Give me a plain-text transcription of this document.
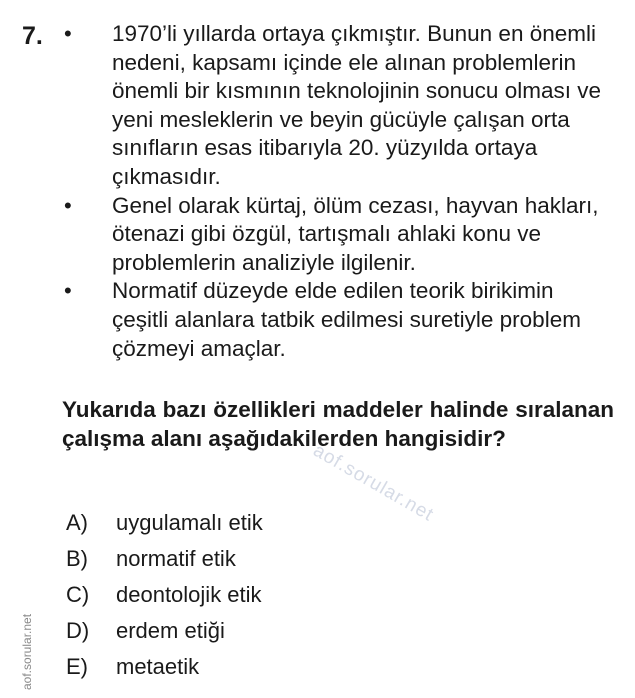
7. •	1970’li yıllarda ortaya çıkmıştır. Bunun en önemli nedeni, kapsamı içinde ele alınan problemlerin önemli bir kısmının teknolojinin sonucu olması ve yeni mesleklerin ve beyin gücüyle çalışan orta sınıfların esas itibarıyla 20. yüzyılda ortaya çıkmasıdır.
•	Genel olarak kürtaj, ölüm cezası, hayvan hakları, ötenazi gibi özgül, tartışmalı ahlaki konu ve problemlerin analiziyle ilgilenir.
•	Normatif düzeyde elde edilen teorik birikimin çeşitli alanlara tatbik edilmesi suretiyle problem çözmeyi amaçlar.
Yukarıda bazı özellikleri maddeler halinde sıralanan çalışma alanı aşağıdakilerden hangisidir?
aof.sorular.net
A)	uygulamalı etik
B)	normatif etik
C)	deontolojik etik
D)	erdem etiği
E)	metaetik
aof.sorular.net
